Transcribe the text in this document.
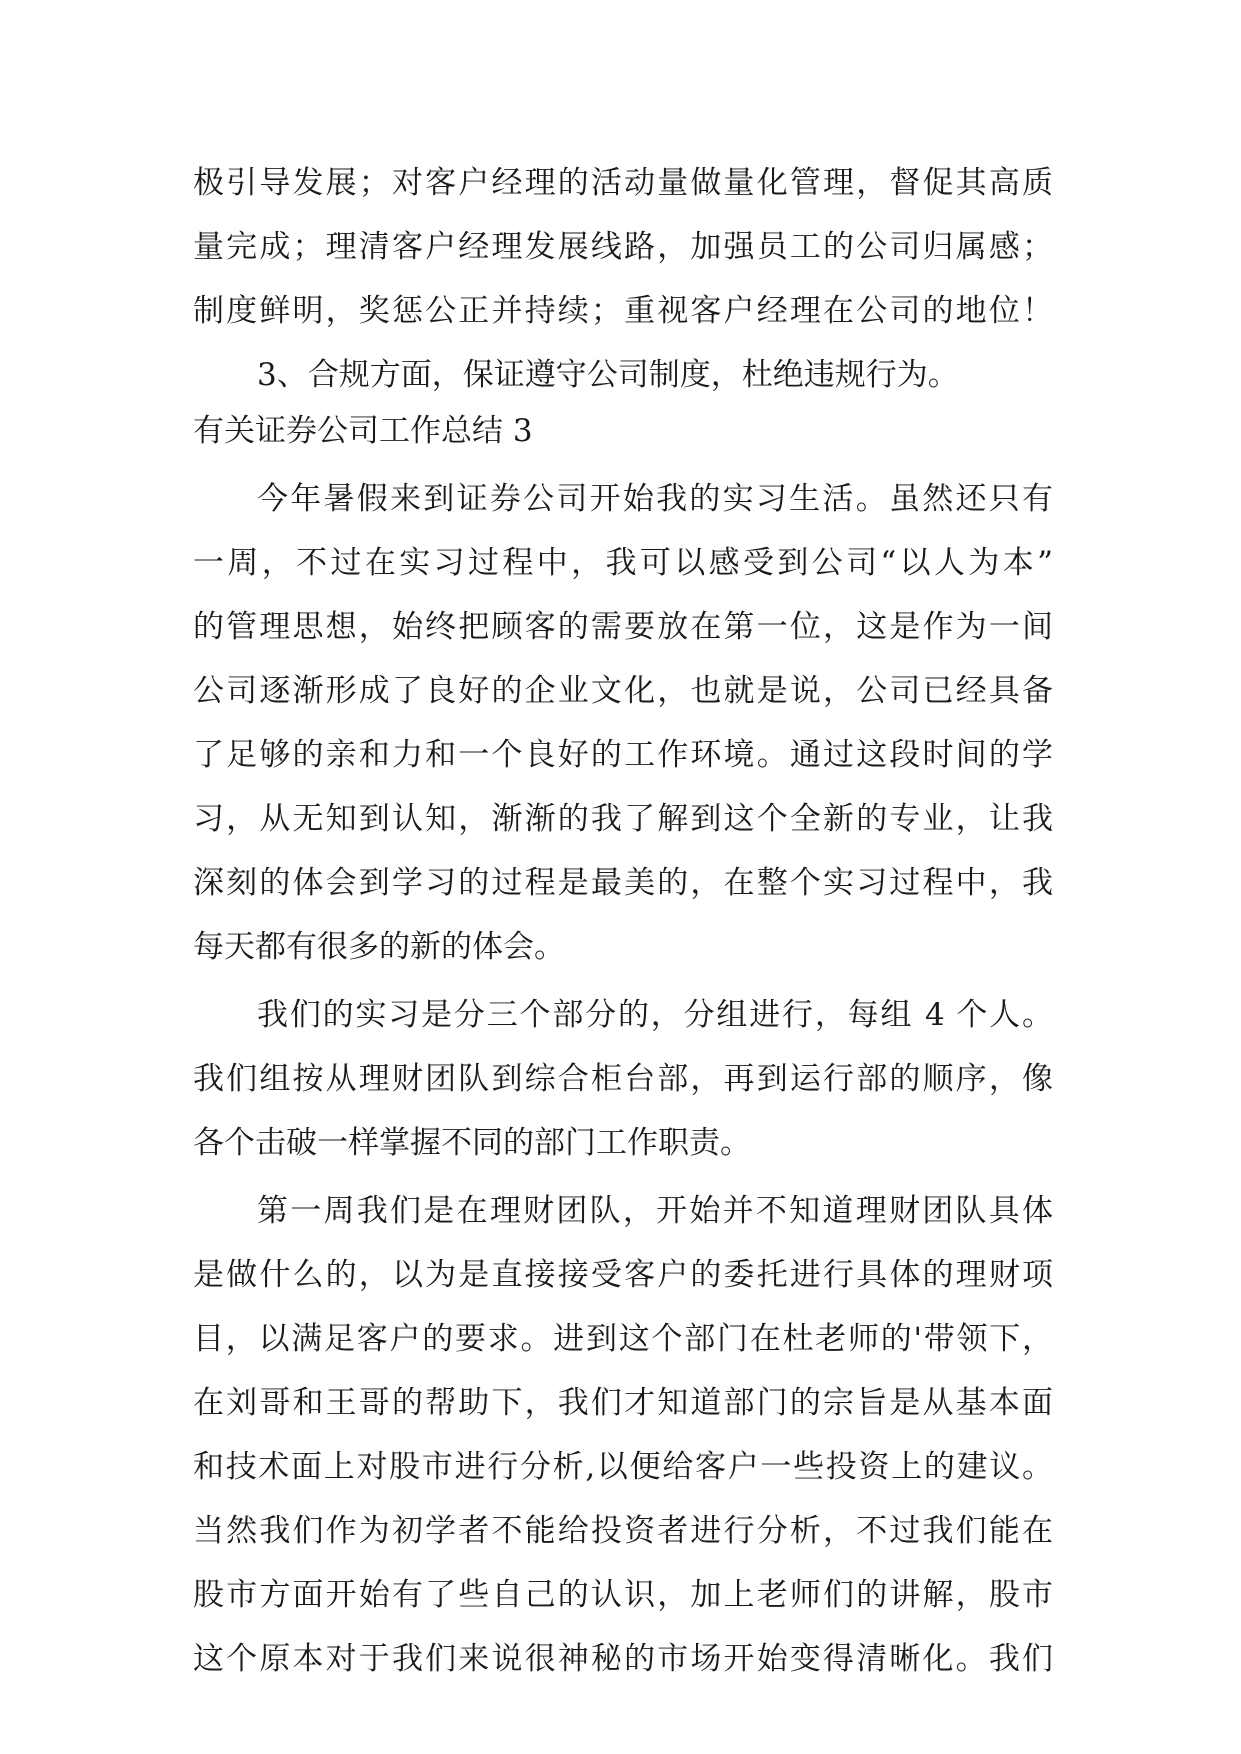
极引导发展；对客户经理的活动量做量化管理，督促其高质
量完成；理清客户经理发展线路，加强员工的公司归属感；
制度鲜明，奖惩公正并持续；重视客户经理在公司的地位！
3、合规方面，保证遵守公司制度，杜绝违规行为。
有关证券公司工作总结 3
今年暑假来到证券公司开始我的实习生活。虽然还只有
一周，不过在实习过程中，我可以感受到公司“以人为本”
的管理思想，始终把顾客的需要放在第一位，这是作为一间
公司逐渐形成了良好的企业文化，也就是说，公司已经具备
了足够的亲和力和一个良好的工作环境。通过这段时间的学
习，从无知到认知，渐渐的我了解到这个全新的专业，让我
深刻的体会到学习的过程是最美的，在整个实习过程中，我
每天都有很多的新的体会。
我们的实习是分三个部分的，分组进行，每组 4 个人。
我们组按从理财团队到综合柜台部，再到运行部的顺序，像
各个击破一样掌握不同的部门工作职责。
第一周我们是在理财团队，开始并不知道理财团队具体
是做什么的，以为是直接接受客户的委托进行具体的理财项
目，以满足客户的要求。进到这个部门在杜老师的'带领下，
在刘哥和王哥的帮助下，我们才知道部门的宗旨是从基本面
和技术面上对股市进行分析,以便给客户一些投资上的建议。
当然我们作为初学者不能给投资者进行分析，不过我们能在
股市方面开始有了些自己的认识，加上老师们的讲解，股市
这个原本对于我们来说很神秘的市场开始变得清晰化。我们
